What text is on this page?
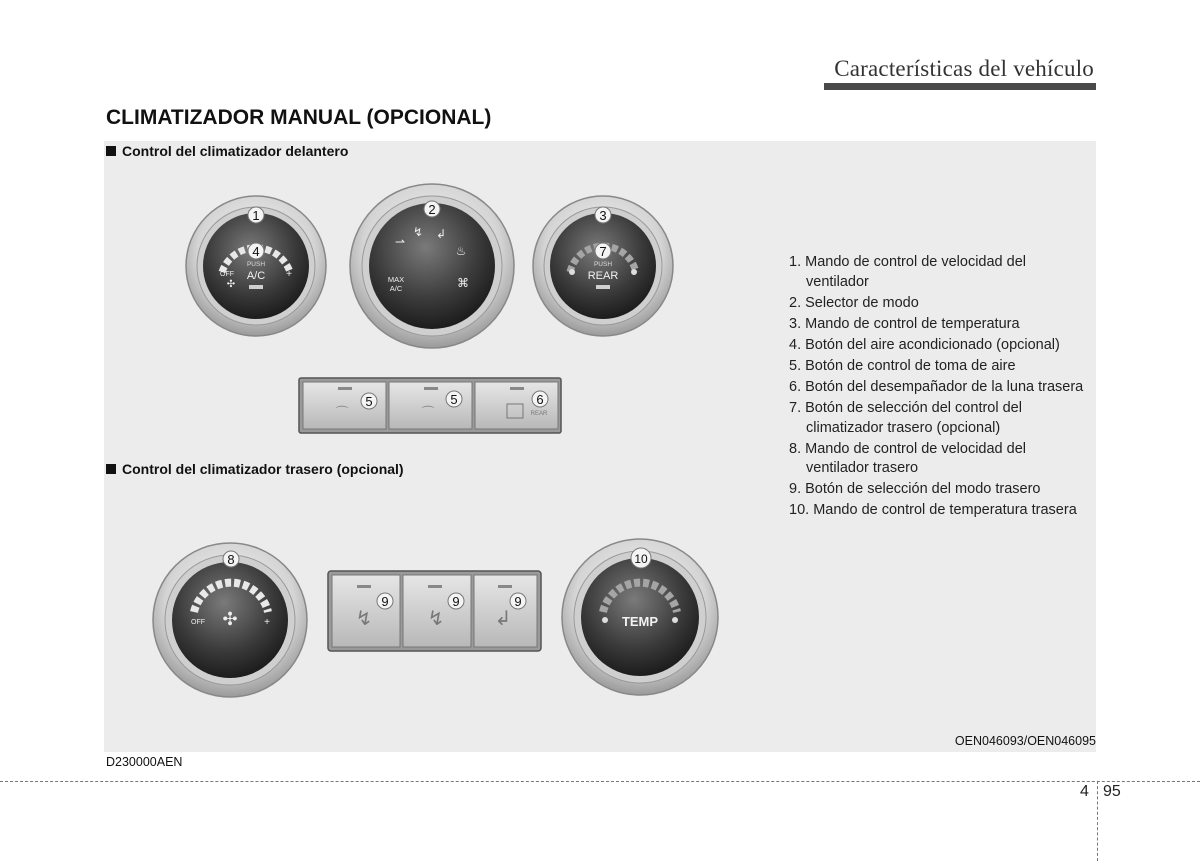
Características del vehículo
CLIMATIZADOR MANUAL (OPCIONAL)
Control del climatizador delantero
Control del climatizador trasero (opcional)
OFF	+
PUSH
A/C
✣
⇀
↯ ↲
♨
MAX
A/C	⌘
PUSH
REAR
⌒	⌒	REAR
OFF	+
✣	↯	↯	↲	TEMP
1	2	3
4	7
5	5	6
8
9	9	9
10
1. Mando de control de velocidad del ventilador
2. Selector de modo
3. Mando de control de temperatura
4. Botón del aire acondicionado (opcional)
5. Botón de control de toma de aire
6. Botón del desempañador de la luna trasera
7. Botón de selección del control del climatizador trasero (opcional)
8. Mando de control de velocidad del ventilador trasero
9. Botón de selección del modo trasero
10. Mando de control de temperatura trasera
OEN046093/OEN046095
D230000AEN
4 95
